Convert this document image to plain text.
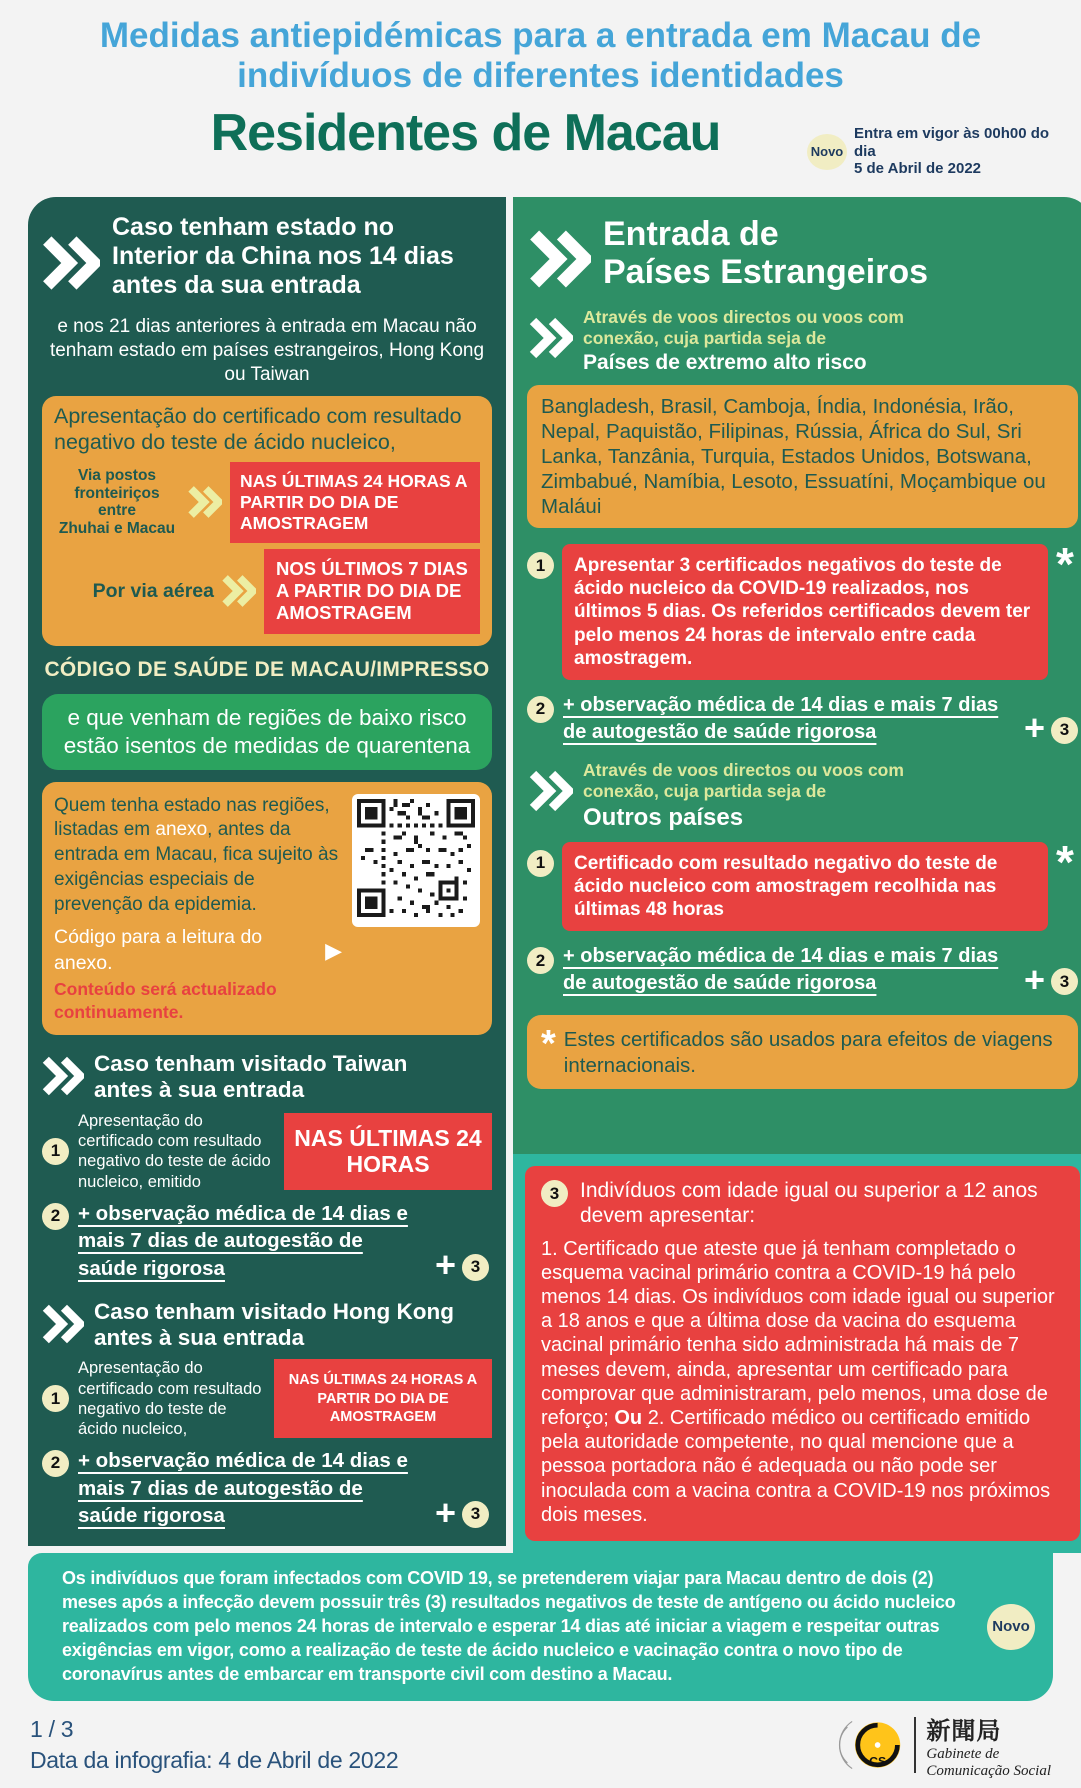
Medidas antiepidémicas para a entrada em Macau de
indivíduos de diferentes identidades
Residentes de Macau	Novo
Entra em vigor às 00h00 do dia
5 de Abril de 2022
Caso tenham estado no
Interior da China nos 14 dias
antes da sua entrada

e nos 21 dias anteriores à entrada em Macau não tenham estado em países estrangeiros, Hong Kong ou Taiwan

Apresentação do certificado com resultado negativo do teste de ácido nucleico,

Via postos
fronteiriços entre
Zhuhai e Macau
NAS ÚLTIMAS 24 HORAS A PARTIR DO DIA DE AMOSTRAGEM
Por via aérea
NOS ÚLTIMOS 7 DIAS A PARTIR DO DIA DE AMOSTRAGEM
CÓDIGO DE SAÚDE DE MACAU/IMPRESSO
e que venham de regiões de baixo risco estão isentos de medidas de quarentena
Quem tenha estado nas regiões, listadas em anexo, antes da entrada em Macau, fica sujeito às exigências especiais de prevenção da epidemia.
Código para a leitura do anexo.	▶
Conteúdo será actualizado continuamente.
Caso tenham visitado Taiwan
antes à sua entrada
1
Apresentação do certificado com resultado negativo do teste de ácido nucleico, emitido
NAS ÚLTIMAS 24 HORAS
2 + observação médica de 14 dias e mais 7 dias de autogestão de saúde rigorosa	+ 3
Caso tenham visitado Hong Kong
antes à sua entrada
1
Apresentação do certificado com resultado negativo do teste de ácido nucleico,
NAS ÚLTIMAS 24 HORAS A PARTIR DO DIA DE AMOSTRAGEM
2 + observação médica de 14 dias e mais 7 dias de autogestão de saúde rigorosa	+ 3
Entrada de
Países Estrangeiros
Através de voos directos ou voos com conexão, cuja partida seja de
Países de extremo alto risco
Bangladesh, Brasil, Camboja, Índia, Indonésia, Irão, Nepal, Paquistão, Filipinas, Rússia, África do Sul, Sri Lanka, Tanzânia, Turquia, Estados Unidos, Botswana, Zimbabué, Namíbia, Lesoto, Essuatíni, Moçambique ou Maláui
1	Apresentar 3 certificados negativos do teste de ácido nucleico da COVID-19 realizados, nos últimos 5 dias. Os referidos certificados devem ter pelo menos 24 horas de intervalo entre cada amostragem.
*
2 + observação médica de 14 dias e mais 7 dias de autogestão de saúde rigorosa	+ 3
Através de voos directos ou voos com conexão, cuja partida seja de
Outros países
1	Certificado com resultado negativo do teste de ácido nucleico com amostragem recolhida nas últimas 48 horas
*
2 + observação médica de 14 dias e mais 7 dias de autogestão de saúde rigorosa	+ 3
* Estes certificados são usados para efeitos de viagens internacionais.
3 Indivíduos com idade igual ou superior a 12 anos devem apresentar:

1. Certificado que ateste que já tenham completado o esquema vacinal primário contra a COVID-19 há pelo menos 14 dias. Os indivíduos com idade igual ou superior a 18 anos e que a última dose da vacina do esquema vacinal primário tenha sido administrada há mais de 7 meses devem, ainda, apresentar um certificado para comprovar que administraram, pelo menos, uma dose de reforço; Ou 2. Certificado médico ou certificado emitido pela autoridade competente, no qual mencione que a pessoa portadora não é adequada ou não pode ser inoculada com a vacina contra a COVID-19 nos próximos dois meses.

Os indivíduos que foram infectados com COVID 19, se pretenderem viajar para Macau dentro de dois (2) meses após a infecção devem possuir três (3) resultados negativos de teste de antígeno ou ácido nucleico realizados com pelo menos 24 horas de intervalo e esperar 14 dias até iniciar a viagem e respeitar outras exigências em vigor, como a realização de teste de ácido nucleico e vacinação contra o novo tipo de coronavírus antes de embarcar em transporte civil com destino a Macau.

Novo
1 / 3
Data da infografia: 4 de Abril de 2022	CS
新聞局
Gabinete de
Comunicação Social
